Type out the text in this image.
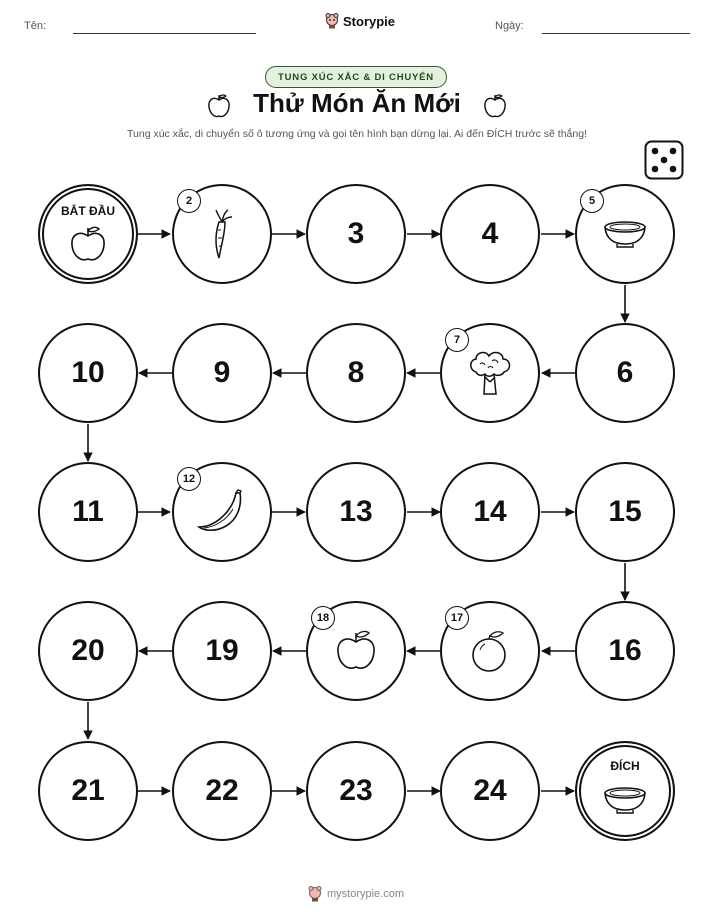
Tên:	Ngày:
Storypie
TUNG XÚC XẮC & DI CHUYỂN
Thử Món Ăn Mới
Tung xúc xắc, di chuyển số ô tương ứng và gọi tên hình bạn dừng lại. Ai đến ĐÍCH trước sẽ thắng!
BẮT ĐẦU
ĐÍCH
2
3	4
5
6
7
8
9
10
11
12
13	14	15
16
17
18
19
20
21	22	23	24
mystorypie.com
